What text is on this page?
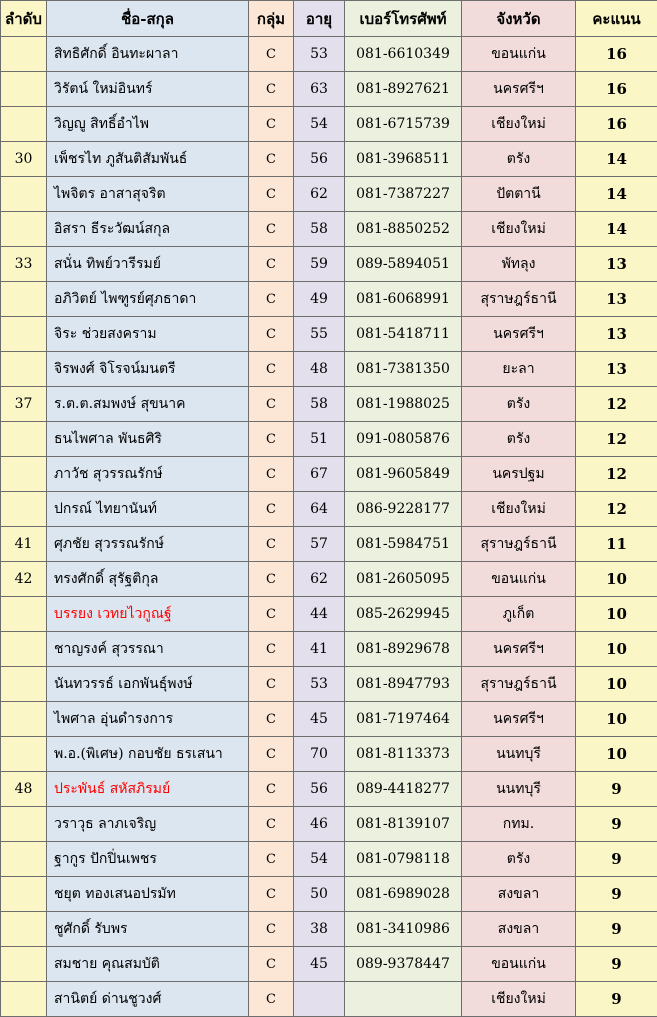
ลำดับ	ชื่อ-สกุล	กลุ่ม	อายุ	เบอร์โทรศัพท์	จังหวัด	คะแนน
	สิทธิศักดิ์ อินทะผาลา	C	53	081-6610349	ขอนแก่น	16
	วิรัตน์ ใหม่อินทร์	C	63	081-8927621	นครศรีฯ	16
	วิญญู สิทธิ์อำไพ	C	54	081-6715739	เชียงใหม่	16
30	เพ็ชรไท ภูสันติสัมพันธ์	C	56	081-3968511	ตรัง	14
	ไพจิตร อาสาสุจริต	C	62	081-7387227	ปัตตานี	14
	อิสรา ธีระวัฒน์สกุล	C	58	081-8850252	เชียงใหม่	14
33	สนั่น ทิพย์วารีรมย์	C	59	089-5894051	พัทลุง	13
	อภิวิตย์ ไพฑูรย์ศุภธาดา	C	49	081-6068991	สุราษฎร์ธานี	13
	จิระ ช่วยสงคราม	C	55	081-5418711	นครศรีฯ	13
	จิรพงศ์ จิโรจน์มนตรี	C	48	081-7381350	ยะลา	13
37	ร.ต.ต.สมพงษ์ สุขนาค	C	58	081-1988025	ตรัง	12
	ธนไพศาล พันธศิริ	C	51	091-0805876	ตรัง	12
	ภาวัช สุวรรณรักษ์	C	67	081-9605849	นครปฐม	12
	ปกรณ์ ไทยานันท์	C	64	086-9228177	เชียงใหม่	12
41	ศุภชัย สุวรรณรักษ์	C	57	081-5984751	สุราษฎร์ธานี	11
42	ทรงศักดิ์ สุรัฐติกุล	C	62	081-2605095	ขอนแก่น	10
	บรรยง เวทยไวกูณฐ์	C	44	085-2629945	ภูเก็ต	10
	ชาญรงค์ สุวรรณา	C	41	081-8929678	นครศรีฯ	10
	นันทวรรธ์ เอกพันธุ์พงษ์	C	53	081-8947793	สุราษฎร์ธานี	10
	ไพศาล อุ่นดำรงการ	C	45	081-7197464	นครศรีฯ	10
	พ.อ.(พิเศษ) กอบชัย ธรเสนา	C	70	081-8113373	นนทบุรี	10
48	ประพันธ์ สหัสภิรมย์	C	56	089-4418277	นนทบุรี	9
	วราวุธ ลาภเจริญ	C	46	081-8139107	กทม.	9
	ฐากูร ปักปิ่นเพชร	C	54	081-0798118	ตรัง	9
	ชยุต ทองเสนอปรมัท	C	50	081-6989028	สงขลา	9
	ชูศักดิ์ รับพร	C	38	081-3410986	สงขลา	9
	สมชาย คุณสมบัติ	C	45	089-9378447	ขอนแก่น	9
	สานิตย์ ด่านชูวงศ์	C			เชียงใหม่	9
